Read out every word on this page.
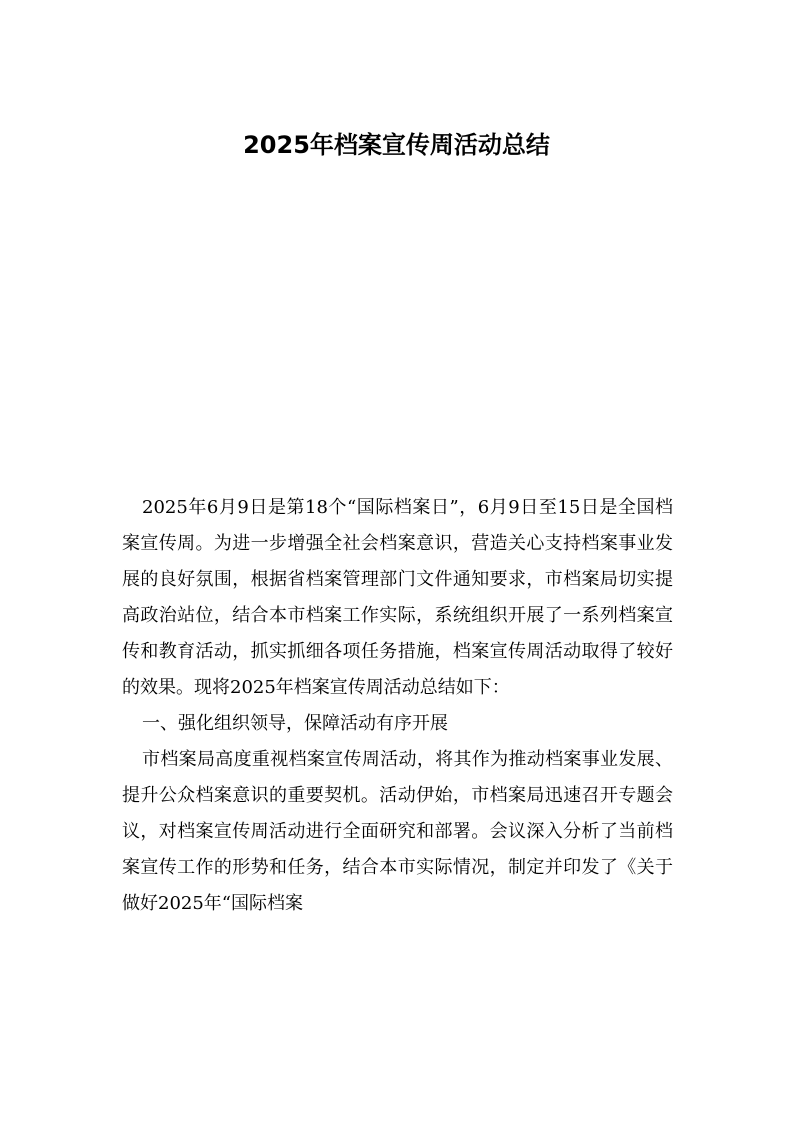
2025年档案宣传周活动总结

2025年6月9日是第18个“国际档案日”，6月9日至15日是全国档案宣传周。为进一步增强全社会档案意识，营造关心支持档案事业发展的良好氛围，根据省档案管理部门文件通知要求，市档案局切实提高政治站位，结合本市档案工作实际，系统组织开展了一系列档案宣传和教育活动，抓实抓细各项任务措施，档案宣传周活动取得了较好的效果。现将2025年档案宣传周活动总结如下：

一、强化组织领导，保障活动有序开展

市档案局高度重视档案宣传周活动，将其作为推动档案事业发展、提升公众档案意识的重要契机。活动伊始，市档案局迅速召开专题会议，对档案宣传周活动进行全面研究和部署。会议深入分析了当前档案宣传工作的形势和任务，结合本市实际情况，制定并印发了《关于做好2025年“国际档案
